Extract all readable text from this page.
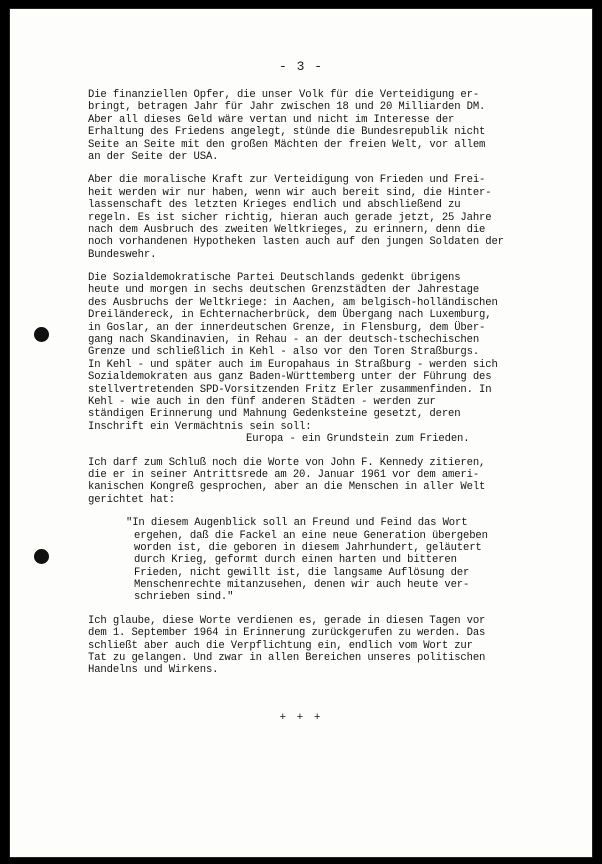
- 3 -
Die finanziellen Opfer, die unser Volk für die Verteidigung er-
bringt, betragen Jahr für Jahr zwischen 18 und 20 Milliarden DM.
Aber all dieses Geld wäre vertan und nicht im Interesse der
Erhaltung des Friedens angelegt, stünde die Bundesrepublik nicht
Seite an Seite mit den großen Mächten der freien Welt, vor allem
an der Seite der USA.
Aber die moralische Kraft zur Verteidigung von Frieden und Frei-
heit werden wir nur haben, wenn wir auch bereit sind, die Hinter-
lassenschaft des letzten Krieges endlich und abschließend zu
regeln. Es ist sicher richtig, hieran auch gerade jetzt, 25 Jahre
nach dem Ausbruch des zweiten Weltkrieges, zu erinnern, denn die
noch vorhandenen Hypotheken lasten auch auf den jungen Soldaten der
Bundeswehr.
Die Sozialdemokratische Partei Deutschlands gedenkt übrigens
heute und morgen in sechs deutschen Grenzstädten der Jahrestage
des Ausbruchs der Weltkriege: in Aachen, am belgisch-holländischen
Dreiländereck, in Echternacherbrück, dem Übergang nach Luxemburg,
in Goslar, an der innerdeutschen Grenze, in Flensburg, dem Über-
gang nach Skandinavien, in Rehau - an der deutsch-tschechischen
Grenze und schließlich in Kehl - also vor den Toren Straßburgs.
In Kehl - und später auch im Europahaus in Straßburg - werden sich
Sozialdemokraten aus ganz Baden-Württemberg unter der Führung des
stellvertretenden SPD-Vorsitzenden Fritz Erler zusammenfinden. In
Kehl - wie auch in den fünf anderen Städten - werden zur
ständigen Erinnerung und Mahnung Gedenksteine gesetzt, deren
Inschrift ein Vermächtnis sein soll:
Europa - ein Grundstein zum Frieden.
Ich darf zum Schluß noch die Worte von John F. Kennedy zitieren,
die er in seiner Antrittsrede am 20. Januar 1961 vor dem ameri-
kanischen Kongreß gesprochen, aber an die Menschen in aller Welt
gerichtet hat:
"In diesem Augenblick soll an Freund und Feind das Wort
ergehen, daß die Fackel an eine neue Generation übergeben
worden ist, die geboren in diesem Jahrhundert, geläutert
durch Krieg, geformt durch einen harten und bitteren
Frieden, nicht gewillt ist, die langsame Auflösung der
Menschenrechte mitanzusehen, denen wir auch heute ver-
schrieben sind."
Ich glaube, diese Worte verdienen es, gerade in diesen Tagen vor
dem 1. September 1964 in Erinnerung zurückgerufen zu werden. Das
schließt aber auch die Verpflichtung ein, endlich vom Wort zur
Tat zu gelangen. Und zwar in allen Bereichen unseres politischen
Handelns und Wirkens.
+ + +
